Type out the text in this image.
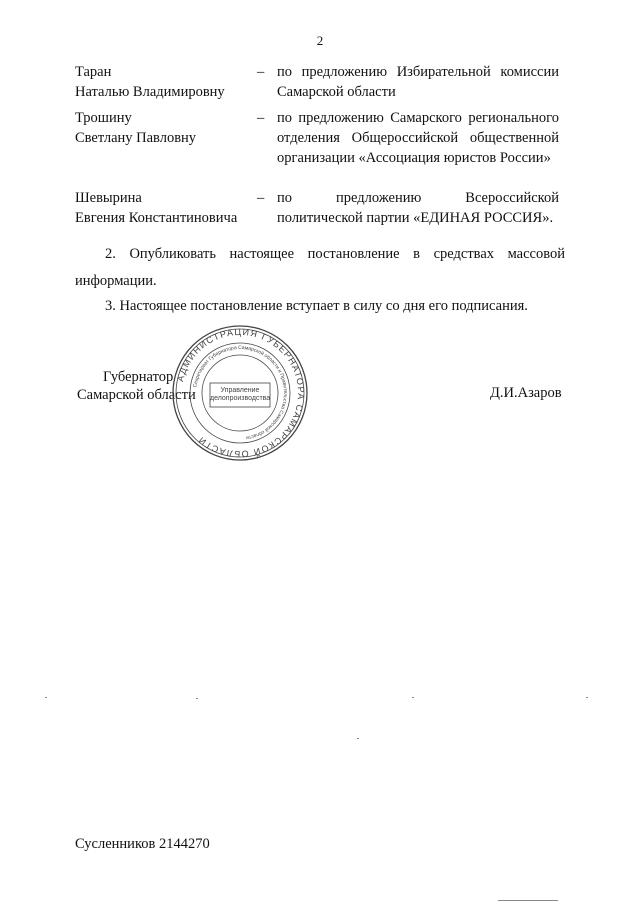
2
Таран
Наталью Владимировну
– по предложению Избирательной комиссии Самарской области
Трошину
Светлану Павловну
– по предложению Самарского регионального отделения Общероссийской общественной организации «Ассоциация юристов России»
Шевырина
Евгения Константиновича
– по предложению Всероссийской политической партии «ЕДИНАЯ РОССИЯ».
2. Опубликовать настоящее постановление в средствах массовой информации.
3. Настоящее постановление вступает в силу со дня его подписания.
Губернатор
Самарской области
АДМИНИСТРАЦИЯ ГУБЕРНАТОРА САМАРСКОЙ ОБЛАСТИ
Секретариат Губернатора Самарской области и Правительства Самарской области
Управление делопроизводства	Д.И.Азаров
Сусленников 2144270
